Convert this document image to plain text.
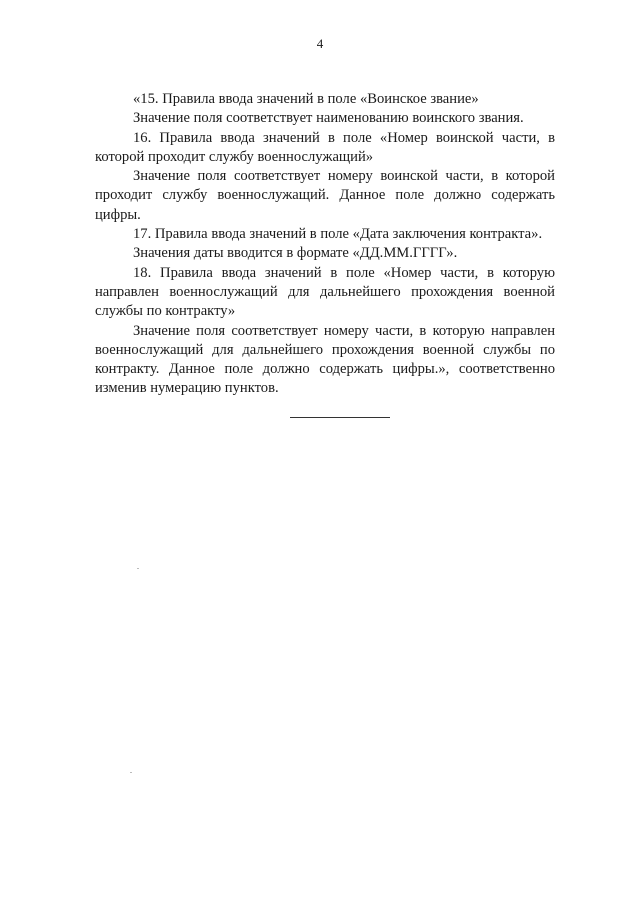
4

«15. Правила ввода значений в поле «Воинское звание»

Значение поля соответствует наименованию воинского звания.

16. Правила ввода значений в поле «Номер воинской части, в которой проходит службу военнослужащий»

Значение поля соответствует номеру воинской части, в которой проходит службу военнослужащий. Данное поле должно содержать цифры.

17. Правила ввода значений в поле «Дата заключения контракта».

Значения даты вводится в формате «ДД.ММ.ГГГГ».

18. Правила ввода значений в поле «Номер части, в которую направлен военнослужащий для дальнейшего прохождения военной службы по контракту»

Значение поля соответствует номеру части, в которую направлен военнослужащий для дальнейшего прохождения военной службы по контракту. Данное поле должно содержать цифры.», соответственно изменив нумерацию пунктов.
